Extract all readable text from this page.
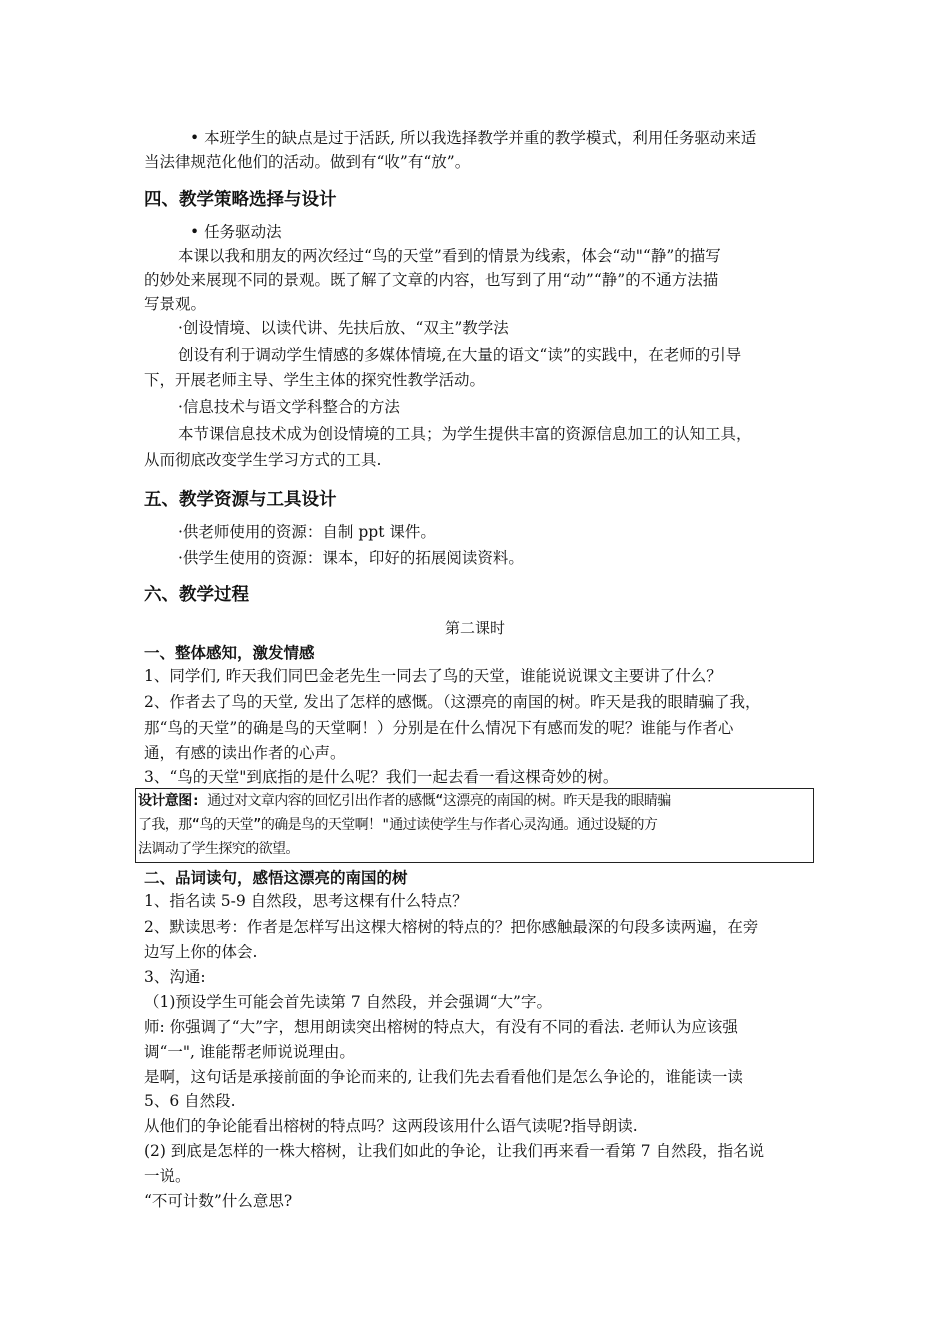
• 本班学生的缺点是过于活跃, 所以我选择教学并重的教学模式，利用任务驱动来适
当法律规范化他们的活动。做到有“收”有“放”。
四、教学策略选择与设计
• 任务驱动法
本课以我和朋友的两次经过“鸟的天堂”看到的情景为线索，体会“动"“静”的描写
的妙处来展现不同的景观。既了解了文章的内容，也写到了用“动”“静”的不通方法描
写景观。
·创设情境、以读代讲、先扶后放、“双主”教学法
创设有利于调动学生情感的多媒体情境,在大量的语文“读”的实践中，在老师的引导
下，开展老师主导、学生主体的探究性教学活动。
·信息技术与语文学科整合的方法
本节课信息技术成为创设情境的工具；为学生提供丰富的资源信息加工的认知工具，
从而彻底改变学生学习方式的工具.
五、教学资源与工具设计
·供老师使用的资源：自制 ppt 课件。
·供学生使用的资源：课本，印好的拓展阅读资料。
六、教学过程
第二课时
一、整体感知，激发情感
1、同学们, 昨天我们同巴金老先生一同去了鸟的天堂，谁能说说课文主要讲了什么？
2、作者去了鸟的天堂, 发出了怎样的感慨。（这漂亮的南国的树。昨天是我的眼睛骗了我，
那“鸟的天堂”的确是鸟的天堂啊！）分别是在什么情况下有感而发的呢？谁能与作者心
通，有感的读出作者的心声。
3、“鸟的天堂"到底指的是什么呢？我们一起去看一看这棵奇妙的树。
设计意图: 通过对文章内容的回忆引出作者的感慨“这漂亮的南国的树。昨天是我的眼睛骗
了我，那“鸟的天堂”的确是鸟的天堂啊！"通过读使学生与作者心灵沟通。通过设疑的方
法调动了学生探究的欲望。
二、品词读句，感悟这漂亮的南国的树
1、指名读 5-9 自然段，思考这棵有什么特点？
2、默读思考：作者是怎样写出这棵大榕树的特点的？把你感触最深的句段多读两遍，在旁
边写上你的体会.
3、沟通:
（1)预设学生可能会首先读第 7 自然段，并会强调“大”字。
师: 你强调了“大”字，想用朗读突出榕树的特点大，有没有不同的看法. 老师认为应该强
调“一", 谁能帮老师说说理由。
是啊，这句话是承接前面的争论而来的, 让我们先去看看他们是怎么争论的，谁能读一读
5、6 自然段.
从他们的争论能看出榕树的特点吗？这两段该用什么语气读呢?指导朗读.
(2) 到底是怎样的一株大榕树，让我们如此的争论，让我们再来看一看第 7 自然段，指名说
一说。
“不可计数”什么意思?
